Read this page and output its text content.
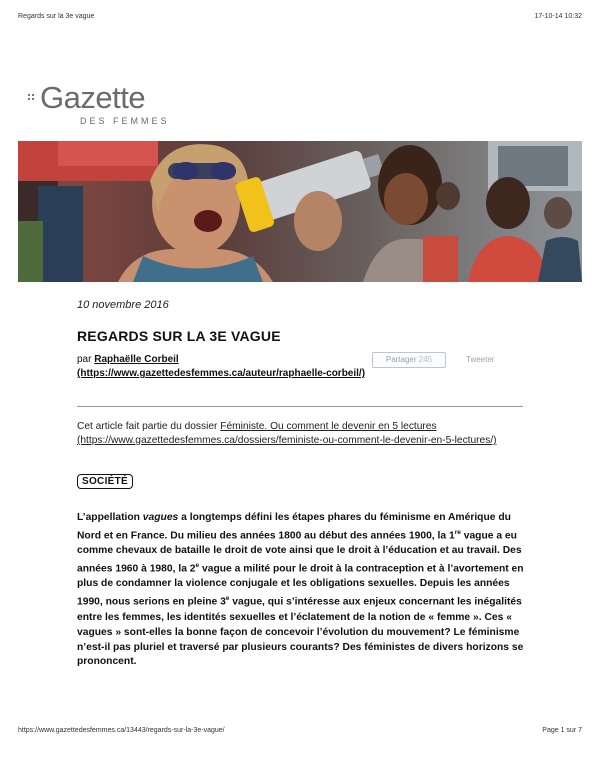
Regards sur la 3e vague	17-10-14 10:32
Gazette
DES FEMMES
10 novembre 2016
REGARDS SUR LA 3E VAGUE
par Raphaëlle Corbeil
(https://www.gazettedesfemmes.ca/auteur/raphaelle-corbeil/)
Partager 245	Tweeter
Cet article fait partie du dossier Féministe. Ou comment le devenir en 5 lectures (https://www.gazettedesfemmes.ca/dossiers/feministe-ou-comment-le-devenir-en-5-lectures/)
SOCIÉTÉ
L’appellation vagues a longtemps défini les étapes phares du féminisme en Amérique du Nord et en France. Du milieu des années 1800 au début des années 1900, la 1re vague a eu comme chevaux de bataille le droit de vote ainsi que le droit à l’éducation et au travail. Des années 1960 à 1980, la 2e vague a milité pour le droit à la contraception et à l’avortement en plus de condamner la violence conjugale et les obligations sexuelles. Depuis les années 1990, nous serions en pleine 3e vague, qui s’intéresse aux enjeux concernant les inégalités entre les femmes, les identités sexuelles et l’éclatement de la notion de « femme ». Ces « vagues » sont-elles la bonne façon de concevoir l’évolution du mouvement? Le féminisme n’est-il pas pluriel et traversé par plusieurs courants? Des féministes de divers horizons se prononcent.
https://www.gazettedesfemmes.ca/13443/regards-sur-la-3e-vague/	Page 1 sur 7
